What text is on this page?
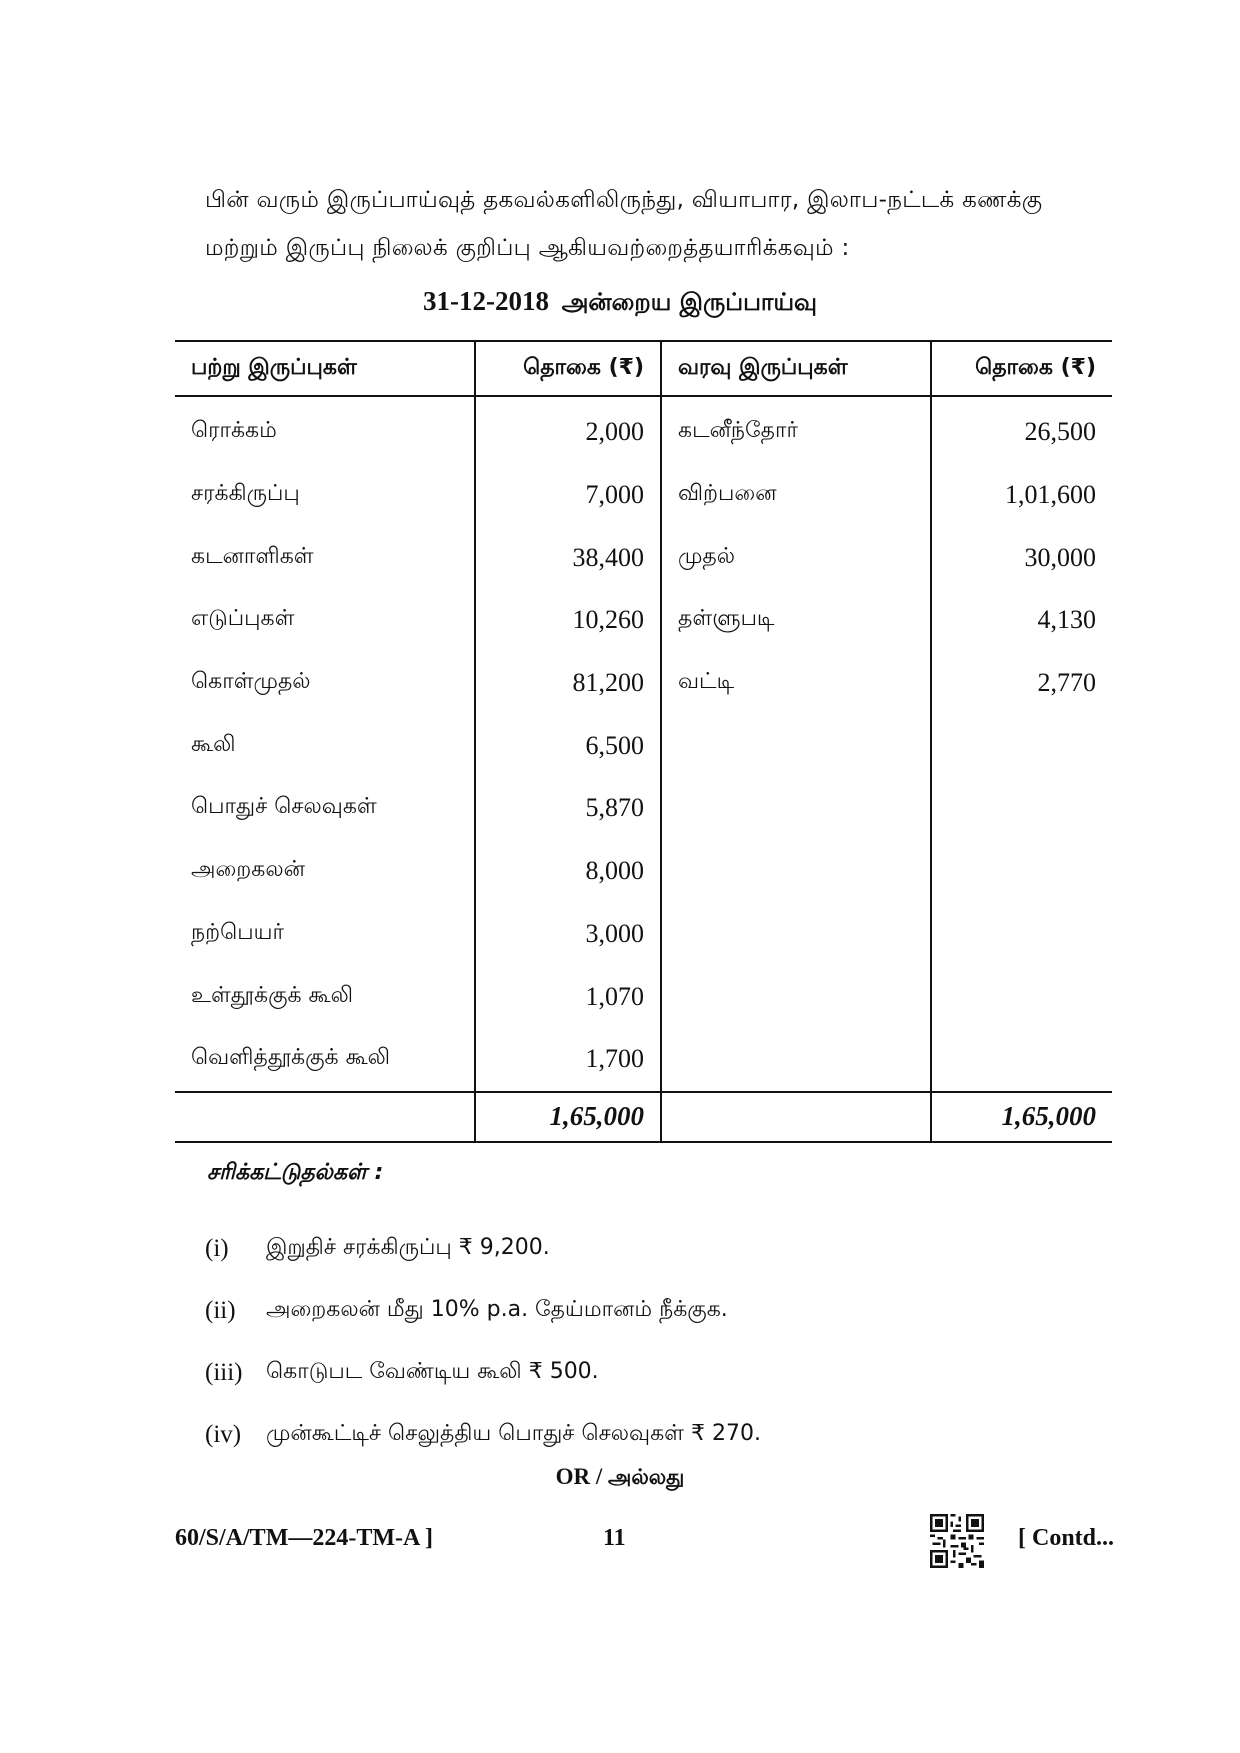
பின் வரும் இருப்பாய்வுத் தகவல்களிலிருந்து, வியாபார, இலாப-நட்டக் கணக்கு
மற்றும் இருப்பு நிலைக் குறிப்பு ஆகியவற்றைத்தயாரிக்கவும் :
31-12-2018 அன்றைய இருப்பாய்வு
பற்று இருப்புகள்	தொகை (₹)	வரவு இருப்புகள்	தொகை (₹)
ரொக்கம்	2,000	கடனீந்தோர்	26,500
சரக்கிருப்பு	7,000	விற்பனை	1,01,600
கடனாளிகள்	38,400	முதல்	30,000
எடுப்புகள்	10,260	தள்ளுபடி	4,130
கொள்முதல்	81,200	வட்டி	2,770
கூலி	6,500		
பொதுச் செலவுகள்	5,870		
அறைகலன்	8,000		
நற்பெயர்	3,000		
உள்தூக்குக் கூலி	1,070		
வெளித்தூக்குக் கூலி	1,700		
	1,65,000		1,65,000
சரிக்கட்டுதல்கள் :
(i)	இறுதிச் சரக்கிருப்பு ₹ 9,200.
(ii)	அறைகலன் மீது 10% p.a. தேய்மானம் நீக்குக.
(iii)	கொடுபட வேண்டிய கூலி ₹ 500.
(iv)	முன்கூட்டிச் செலுத்திய பொதுச் செலவுகள் ₹ 270.
OR / அல்லது
60/S/A/TM—224-TM-A ]	11	[ Contd...
